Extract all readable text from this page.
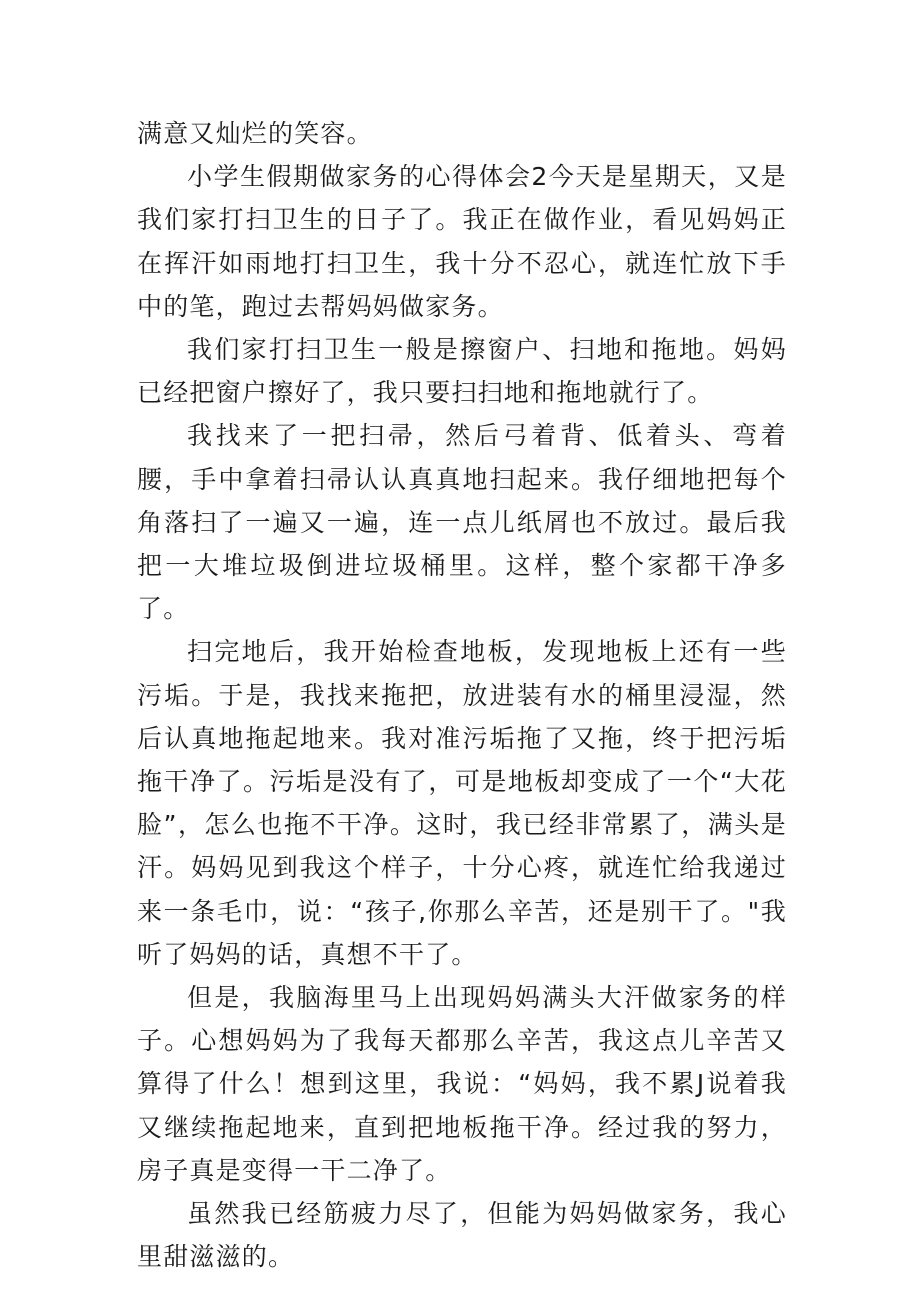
满意又灿烂的笑容。

小学生假期做家务的心得体会2今天是星期天，又是我们家打扫卫生的日子了。我正在做作业，看见妈妈正在挥汗如雨地打扫卫生，我十分不忍心，就连忙放下手中的笔，跑过去帮妈妈做家务。

我们家打扫卫生一般是擦窗户、扫地和拖地。妈妈已经把窗户擦好了，我只要扫扫地和拖地就行了。

我找来了一把扫帚，然后弓着背、低着头、弯着腰，手中拿着扫帚认认真真地扫起来。我仔细地把每个角落扫了一遍又一遍，连一点儿纸屑也不放过。最后我把一大堆垃圾倒进垃圾桶里。这样，整个家都干净多了。

扫完地后，我开始检查地板，发现地板上还有一些污垢。于是，我找来拖把，放进装有水的桶里浸湿，然后认真地拖起地来。我对准污垢拖了又拖，终于把污垢拖干净了。污垢是没有了，可是地板却变成了一个“大花脸”，怎么也拖不干净。这时，我已经非常累了，满头是汗。妈妈见到我这个样子，十分心疼，就连忙给我递过来一条毛巾，说：“孩子,你那么辛苦，还是别干了。"我听了妈妈的话，真想不干了。

但是，我脑海里马上出现妈妈满头大汗做家务的样子。心想妈妈为了我每天都那么辛苦，我这点儿辛苦又算得了什么！想到这里，我说：“妈妈，我不累J说着我又继续拖起地来，直到把地板拖干净。经过我的努力，房子真是变得一干二净了。

虽然我已经筋疲力尽了，但能为妈妈做家务，我心里甜滋滋的。
